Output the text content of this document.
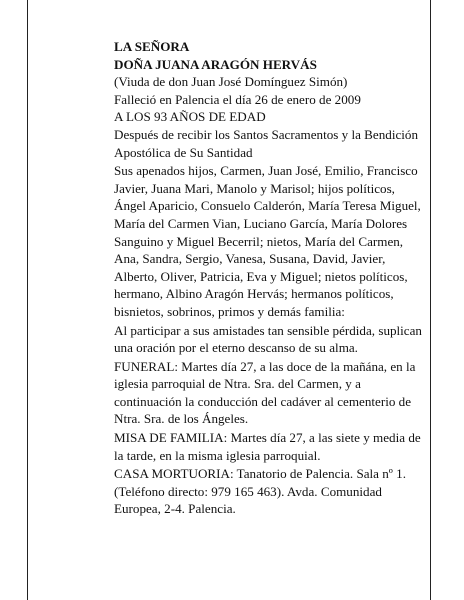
LA SEÑORA

DOÑA JUANA ARAGÓN HERVÁS

(Viuda de don Juan José Domínguez Simón)

Falleció en Palencia el día 26 de enero de 2009

A LOS 93 AÑOS DE EDAD

Después de recibir los Santos Sacramentos y la Bendición Apostólica de Su Santidad

Sus apenados hijos, Carmen, Juan José, Emilio, Francisco Javier, Juana Mari, Manolo y Marisol; hijos políticos, Ángel Aparicio, Consuelo Calderón, María Teresa Miguel, María del Carmen Vian, Luciano García, María Dolores Sanguino y Miguel Becerril; nietos, María del Carmen, Ana, Sandra, Sergio, Vanesa, Susana, David, Javier, Alberto, Oliver, Patricia, Eva y Miguel; nietos políticos, hermano, Albino Aragón Hervás; hermanos políticos, bisnietos, sobrinos, primos y demás familia:

Al participar a sus amistades tan sensible pérdida, suplican una oración por el eterno descanso de su alma.

FUNERAL: Martes día 27, a las doce de la mañána, en la iglesia parroquial de Ntra. Sra. del Carmen, y a continuación la conducción del cadáver al cementerio de Ntra. Sra. de los Ángeles.

MISA DE FAMILIA: Martes día 27, a las siete y media de la tarde, en la misma iglesia parroquial.

CASA MORTUORIA: Tanatorio de Palencia. Sala nº 1. (Teléfono directo: 979 165 463). Avda. Comunidad Europea, 2-4. Palencia.
